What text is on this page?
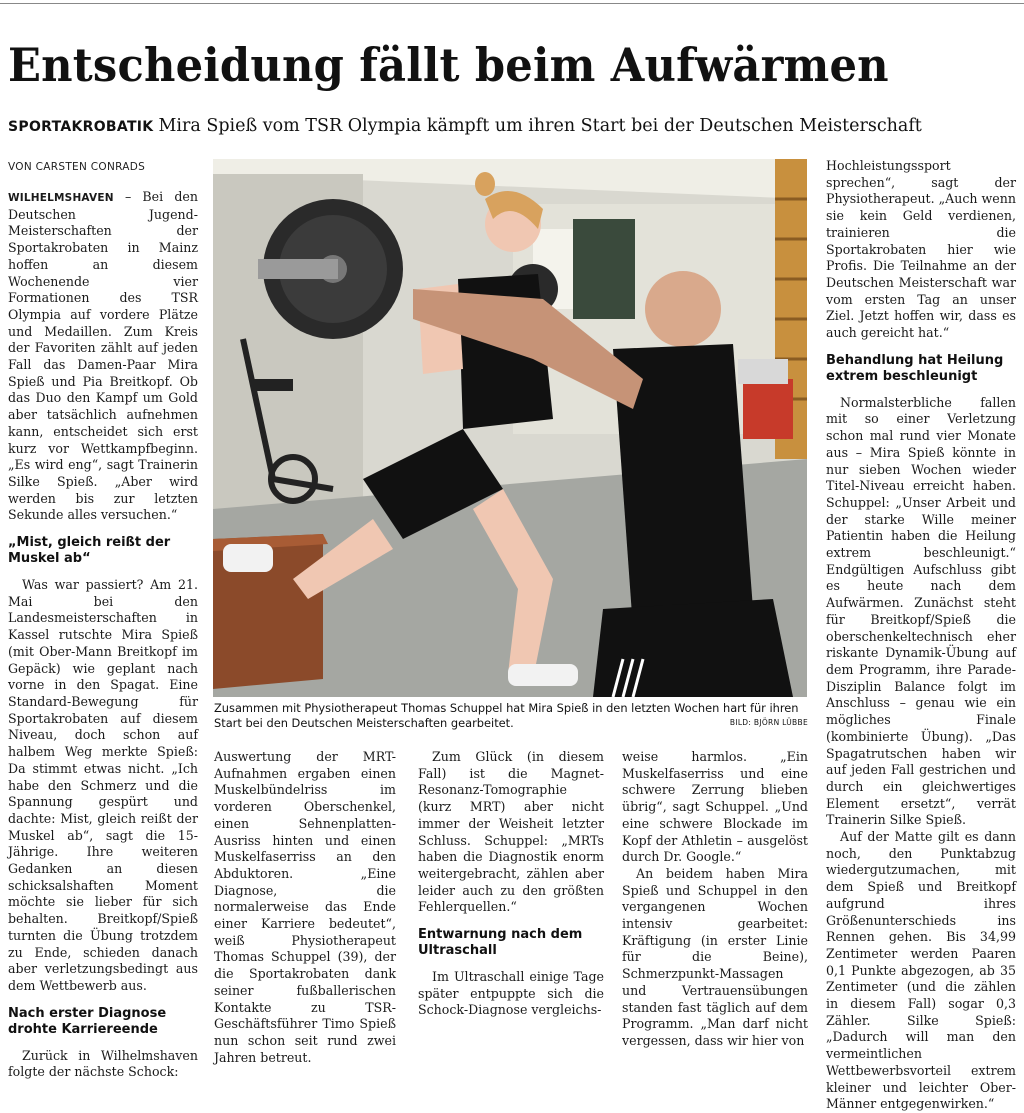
Entscheidung fällt beim Aufwärmen
SPORTAKROBATIK Mira Spieß vom TSR Olympia kämpft um ihren Start bei der Deutschen Meisterschaft
VON CARSTEN CONRADS

WILHELMSHAVEN – Bei den Deutschen Jugend-Meisterschaften der Sportakrobaten in Mainz hoffen an diesem Wochenende vier Formationen des TSR Olympia auf vordere Plätze und Medaillen. Zum Kreis der Favoriten zählt auf jeden Fall das Damen-Paar Mira Spieß und Pia Breitkopf. Ob das Duo den Kampf um Gold aber tatsächlich aufnehmen kann, entscheidet sich erst kurz vor Wettkampfbeginn. „Es wird eng“, sagt Trainerin Silke Spieß. „Aber wird werden bis zur letzten Sekunde alles versuchen.“

„Mist, gleich reißt der Muskel ab“

Was war passiert? Am 21. Mai bei den Landesmeisterschaften in Kassel rutschte Mira Spieß (mit Ober-Mann Breitkopf im Gepäck) wie geplant nach vorne in den Spagat. Eine Standard-Bewegung für Sportakrobaten auf diesem Niveau, doch schon auf halbem Weg merkte Spieß: Da stimmt etwas nicht. „Ich habe den Schmerz und die Spannung gespürt und dachte: Mist, gleich reißt der Muskel ab“, sagt die 15-Jährige. Ihre weiteren Gedanken an diesen schicksalshaften Moment möchte sie lieber für sich behalten. Breitkopf/Spieß turnten die Übung trotzdem zu Ende, schieden danach aber verletzungsbedingt aus dem Wettbewerb aus.

Nach erster Diagnose drohte Karriereende

Zurück in Wilhelmshaven folgte der nächste Schock:

Zusammen mit Physiotherapeut Thomas Schuppel hat Mira Spieß in den letzten Wochen hart für ihren Start bei den Deutschen Meisterschaften gearbeitet.	BILD: BJÖRN LÜBBE

Auswertung der MRT-Aufnahmen ergaben einen Muskelbündelriss im vorderen Oberschenkel, einen Sehnenplatten-Ausriss hinten und einen Muskelfaserriss an den Abduktoren. „Eine Diagnose, die normalerweise das Ende einer Karriere bedeutet“, weiß Physiotherapeut Thomas Schuppel (39), der die Sportakrobaten dank seiner fußballerischen Kontakte zu TSR-Geschäftsführer Timo Spieß nun schon seit rund zwei Jahren betreut.

Zum Glück (in diesem Fall) ist die Magnet-Resonanz-Tomographie (kurz MRT) aber nicht immer der Weisheit letzter Schluss. Schuppel: „MRTs haben die Diagnostik enorm weitergebracht, zählen aber leider auch zu den größten Fehlerquellen.“

Entwarnung nach dem Ultraschall

Im Ultraschall einige Tage später entpuppte sich die Schock-Diagnose vergleichs-

weise harmlos. „Ein Muskelfaserriss und eine schwere Zerrung blieben übrig“, sagt Schuppel. „Und eine schwere Blockade im Kopf der Athletin – ausgelöst durch Dr. Google.“

An beidem haben Mira Spieß und Schuppel in den vergangenen Wochen intensiv gearbeitet: Kräftigung (in erster Linie für die Beine), Schmerzpunkt-Massagen und Vertrauensübungen standen fast täglich auf dem Programm. „Man darf nicht vergessen, dass wir hier von

Hochleistungssport sprechen“, sagt der Physiotherapeut. „Auch wenn sie kein Geld verdienen, trainieren die Sportakrobaten hier wie Profis. Die Teilnahme an der Deutschen Meisterschaft war vom ersten Tag an unser Ziel. Jetzt hoffen wir, dass es auch gereicht hat.“

Behandlung hat Heilung extrem beschleunigt

Normalsterbliche fallen mit so einer Verletzung schon mal rund vier Monate aus – Mira Spieß könnte in nur sieben Wochen wieder Titel-Niveau erreicht haben. Schuppel: „Unser Arbeit und der starke Wille meiner Patientin haben die Heilung extrem beschleunigt.“ Endgültigen Aufschluss gibt es heute nach dem Aufwärmen. Zunächst steht für Breitkopf/Spieß die oberschenkeltechnisch eher riskante Dynamik-Übung auf dem Programm, ihre Parade-Disziplin Balance folgt im Anschluss – genau wie ein mögliches Finale (kombinierte Übung). „Das Spagatrutschen haben wir auf jeden Fall gestrichen und durch ein gleichwertiges Element ersetzt“, verrät Trainerin Silke Spieß.

Auf der Matte gilt es dann noch, den Punktabzug wiedergutzumachen, mit dem Spieß und Breitkopf aufgrund ihres Größenunterschieds ins Rennen gehen. Bis 34,99 Zentimeter werden Paaren 0,1 Punkte abgezogen, ab 35 Zentimeter (und die zählen in diesem Fall) sogar 0,3 Zähler. Silke Spieß: „Dadurch will man den vermeintlichen Wettbewerbsvorteil extrem kleiner und leichter Ober-Männer entgegenwirken.“
